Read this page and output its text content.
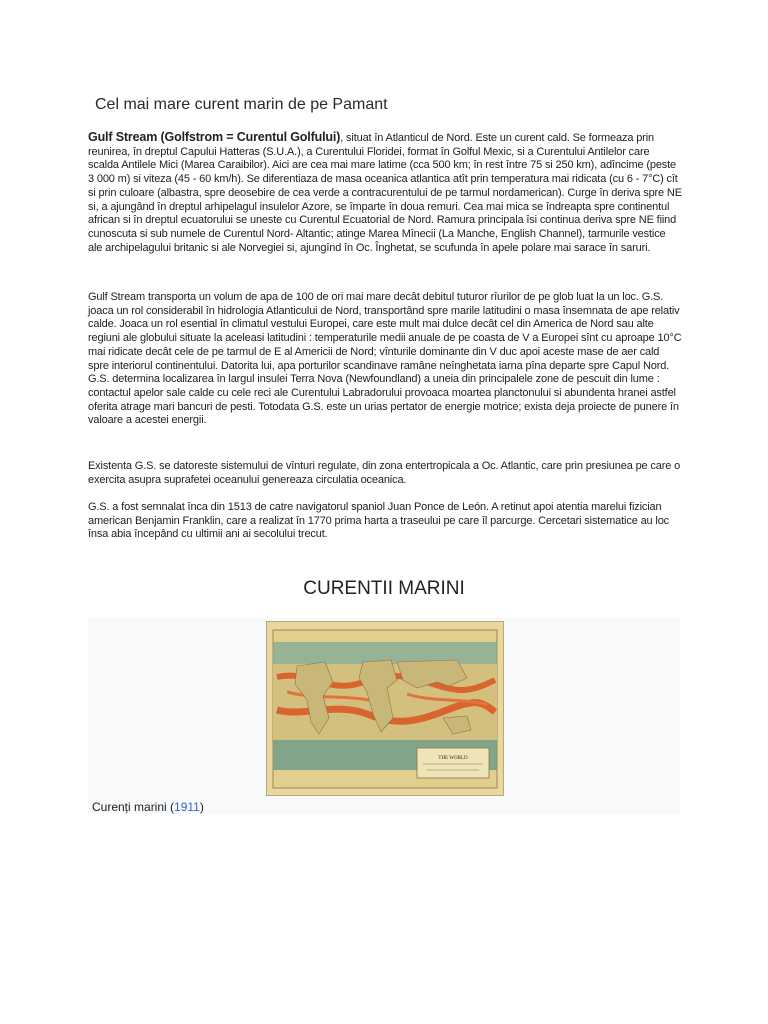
Cel mai mare curent marin de pe Pamant

Gulf Stream (Golfstrom = Curentul Golfului), situat în Atlanticul de Nord. Este un curent cald. Se formeaza prin reunirea, în dreptul Capului Hatteras (S.U.A.), a Curentului Floridei, format în Golful Mexic, si a Curentului Antilelor care scalda Antilele Mici (Marea Caraibilor). Aici are cea mai mare latime (cca 500 km; în rest între 75 si 250 km), adîncime (peste 3 000 m) si viteza (45 - 60 km/h). Se diferentiaza de masa oceanica atlantica atît prin temperatura mai ridicata (cu 6 - 7°C) cît si prin culoare (albastra, spre deosebire de cea verde a contracurentului de pe tarmul nordamerican). Curge în deriva spre NE si, a ajungând în dreptul arhipelagul insulelor Azore, se împarte în doua remuri. Cea mai mica se îndreapta spre continentul african si în dreptul ecuatorului se uneste cu Curentul Ecuatorial de Nord. Ramura principala îsi continua deriva spre NE fiind cunoscuta si sub numele de Curentul Nord- Altantic; atinge Marea Mînecii (La Manche, English Channel), tarmurile vestice ale archipelagului britanic si ale Norvegiei si, ajungînd în Oc. Înghetat, se scufunda în apele polare mai sarace în saruri.

Gulf Stream transporta un volum de apa de 100 de ori mai mare decât debitul tuturor rîurilor de pe glob luat la un loc. G.S. joaca un rol considerabil în hidrologia Atlanticului de Nord, transportând spre marile latitudini o masa însemnata de ape relativ calde. Joaca un rol esential în climatul vestului Europei, care este mult mai dulce decât cel din America de Nord sau alte regiuni ale globului situate la aceleasi latitudini : temperaturile medii anuale de pe coasta de V a Europei sînt cu aproape 10°C mai ridicate decât cele de pe tarmul de E al Americii de Nord; vînturile dominante din V duc apoi aceste mase de aer cald spre interiorul continentului. Datorita lui, apa porturilor scandinave ramâne neînghetata iarna pîna departe spre Capul Nord. G.S. determina localizarea în largul insulei Terra Nova (Newfoundland) a uneia din principalele zone de pescuit din lume : contactul apelor sale calde cu cele reci ale Curentului Labradorului provoaca moartea planctonului si abundenta hranei astfel oferita atrage mari bancuri de pesti. Totodata G.S. este un urias pertator de energie motrice; exista deja proiecte de punere în valoare a acestei energii.

Existenta G.S. se datoreste sistemului de vînturi regulate, din zona entertropicala a Oc. Atlantic, care prin presiunea pe care o exercita asupra suprafetei oceanului genereaza circulatia oceanica.

G.S. a fost semnalat înca din 1513 de catre navigatorul spaniol Juan Ponce de León. A retinut apoi atentia marelui fizician american Benjamin Franklin, care a realizat în 1770 prima harta a traseului pe care îl parcurge. Cercetari sistematice au loc însa abia începând cu ultimii ani ai secolului trecut.

CURENTII MARINI
THE WORLD
Curenți marini (1911)
